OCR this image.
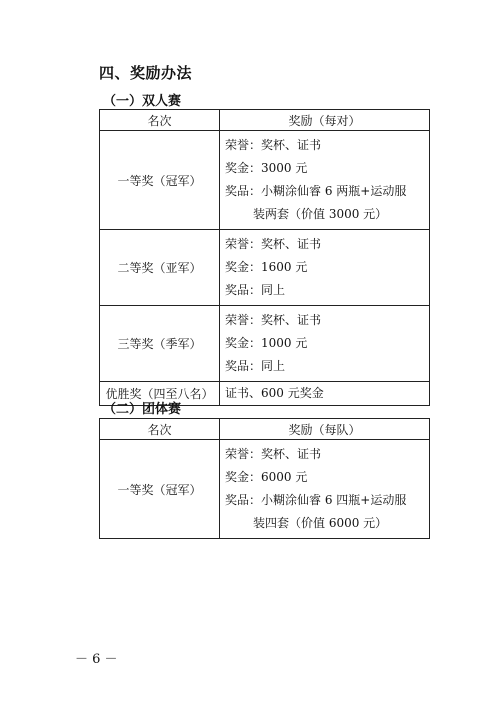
四、奖励办法
（一）双人赛
名次	奖励（每对）
一等奖（冠军）	荣誉：奖杯、证书
奖金：3000 元
奖品：小糊涂仙睿 6 两瓶+运动服
装两套（价值 3000 元）

二等奖（亚军）	荣誉：奖杯、证书
奖金：1600 元
奖品：同上

三等奖（季军）	荣誉：奖杯、证书
奖金：1000 元
奖品：同上

优胜奖（四至八名）	证书、600 元奖金
（二）团体赛
名次	奖励（每队）
一等奖（冠军）	荣誉：奖杯、证书
奖金：6000 元
奖品：小糊涂仙睿 6 四瓶+运动服
装四套（价值 6000 元）
－ 6 －
